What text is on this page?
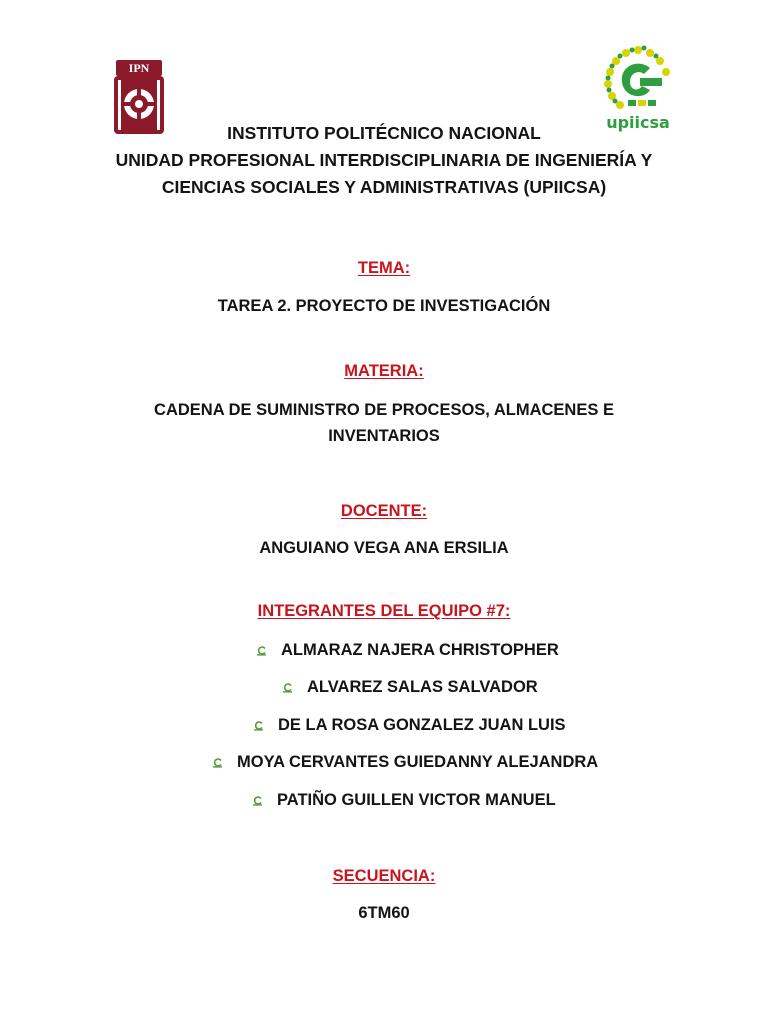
IPN
upiicsa
INSTITUTO POLITÉCNICO NACIONAL
UNIDAD PROFESIONAL INTERDISCIPLINARIA DE INGENIERÍA Y
CIENCIAS SOCIALES Y ADMINISTRATIVAS (UPIICSA)
TEMA:
TAREA 2. PROYECTO DE INVESTIGACIÓN
MATERIA:
CADENA DE SUMINISTRO DE PROCESOS, ALMACENES E
INVENTARIOS
DOCENTE:
ANGUIANO VEGA ANA ERSILIA
INTEGRANTES DEL EQUIPO #7:
ALMARAZ NAJERA CHRISTOPHER
ALVAREZ SALAS SALVADOR
DE LA ROSA GONZALEZ JUAN LUIS
MOYA CERVANTES GUIEDANNY ALEJANDRA
PATIÑO GUILLEN VICTOR MANUEL
SECUENCIA:
6TM60
